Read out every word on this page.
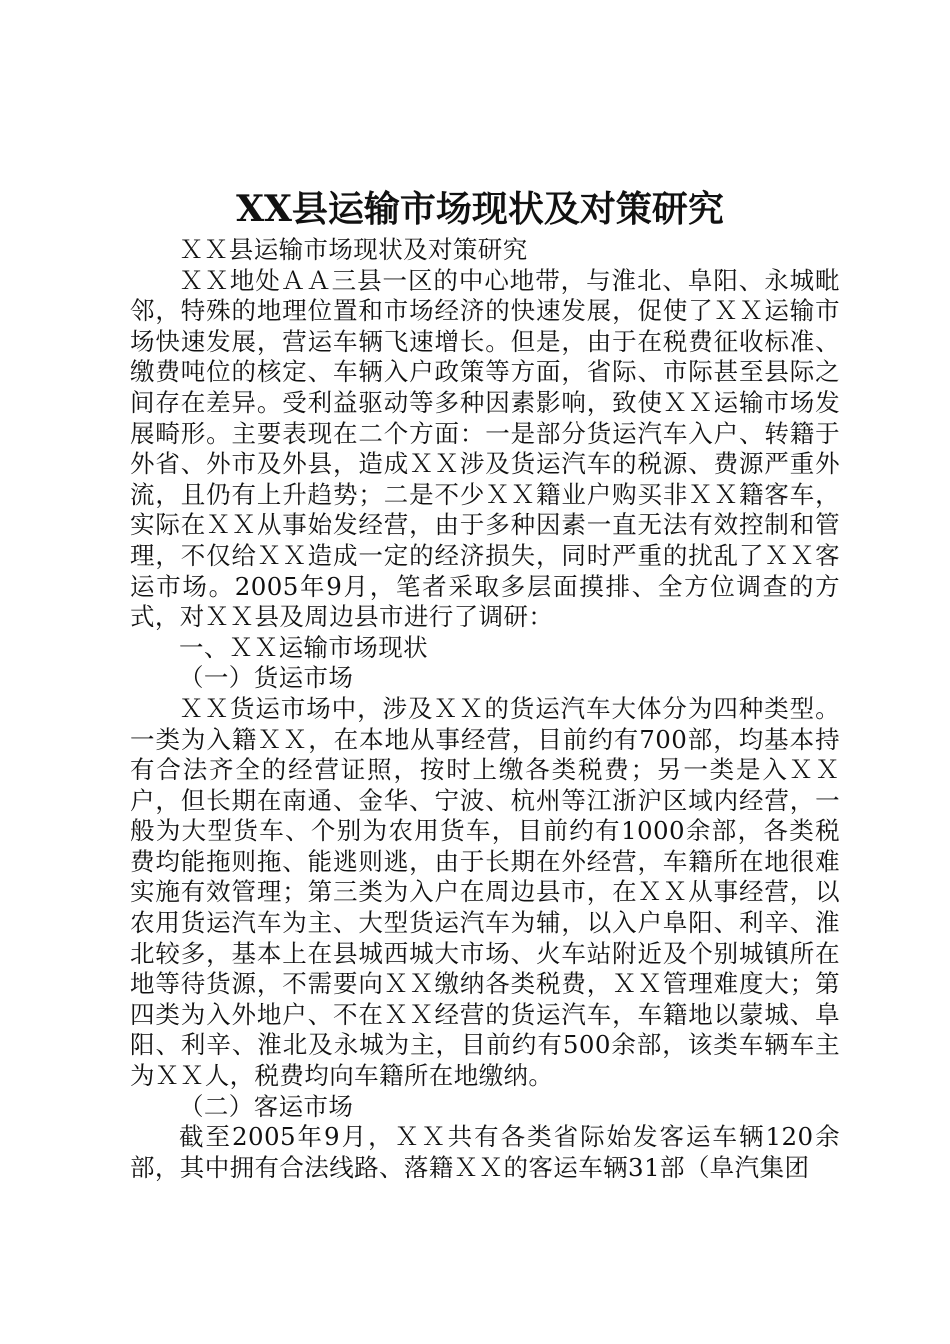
XX县运输市场现状及对策研究

ＸＸ县运输市场现状及对策研究

ＸＸ地处ＡＡ三县一区的中心地带，与淮北、阜阳、永城毗邻，特殊的地理位置和市场经济的快速发展，促使了ＸＸ运输市场快速发展，营运车辆飞速增长。但是，由于在税费征收标准、缴费吨位的核定、车辆入户政策等方面，省际、市际甚至县际之间存在差异。受利益驱动等多种因素影响，致使ＸＸ运输市场发展畸形。主要表现在二个方面：一是部分货运汽车入户、转籍于外省、外市及外县，造成ＸＸ涉及货运汽车的税源、费源严重外流，且仍有上升趋势；二是不少ＸＸ籍业户购买非ＸＸ籍客车，实际在ＸＸ从事始发经营，由于多种因素一直无法有效控制和管理，不仅给ＸＸ造成一定的经济损失，同时严重的扰乱了ＸＸ客运市场。2005年9月，笔者采取多层面摸排、全方位调查的方式，对ＸＸ县及周边县市进行了调研：

一、ＸＸ运输市场现状

（一）货运市场

ＸＸ货运市场中，涉及ＸＸ的货运汽车大体分为四种类型。一类为入籍ＸＸ，在本地从事经营，目前约有700部，均基本持有合法齐全的经营证照，按时上缴各类税费；另一类是入ＸＸ户，但长期在南通、金华、宁波、杭州等江浙沪区域内经营，一般为大型货车、个别为农用货车，目前约有1000余部，各类税费均能拖则拖、能逃则逃，由于长期在外经营，车籍所在地很难实施有效管理；第三类为入户在周边县市，在ＸＸ从事经营，以农用货运汽车为主、大型货运汽车为辅，以入户阜阳、利辛、淮北较多，基本上在县城西城大市场、火车站附近及个别城镇所在地等待货源，不需要向ＸＸ缴纳各类税费，ＸＸ管理难度大；第四类为入外地户、不在ＸＸ经营的货运汽车，车籍地以蒙城、阜阳、利辛、淮北及永城为主，目前约有500余部，该类车辆车主为ＸＸ人，税费均向车籍所在地缴纳。

（二）客运市场

截至2005年9月，ＸＸ共有各类省际始发客运车辆120余部，其中拥有合法线路、落籍ＸＸ的客运车辆31部（阜汽集团
